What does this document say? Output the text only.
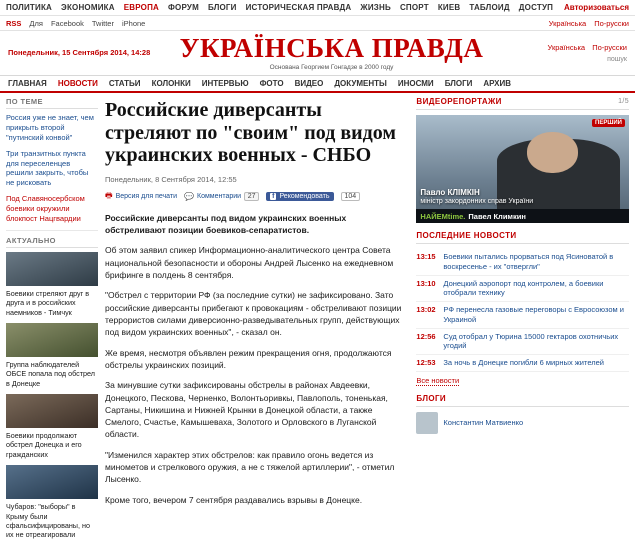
ПОЛИТИКА ЭКОНОМИКА ЕВРОПА ФОРУМ БЛОГИ ИСТОРИЧЕСКАЯ ПРАВДА ЖИЗНЬ СПОРТ КИЕВ ТАБЛОИД ДОСТУП Авторизоваться
RSS Для Facebook Twitter iPhone	Українська По-русски
Понедельник, 15 Сентября 2014, 14:28	УКРАЇНСЬКА ПРАВДА
Основана Георгием Гонгадзе в 2000 году
Українська По-русски
пошук
ГЛАВНАЯ НОВОСТИ СТАТЬИ КОЛОНКИ ИНТЕРВЬЮ ФОТО ВИДЕО ДОКУМЕНТЫ ИНОСМИ БЛОГИ АРХИВ
ПО ТЕМЕ
Россия уже не знает, чем прикрыть второй "путинский конвой"
Три транзитных пункта для переселенцев решили закрыть, чтобы не рисковать
Под Славяносербском боевики окружили блокпост Нацгвардии
АКТУАЛЬНО
Боевики стреляют друг в друга и в российских наемников - Тимчук
Группа наблюдателей ОБСЕ попала под обстрел в Донецке
Боевики продолжают обстрел Донецка и его гражданских
Чубаров: "выборы" в Крыму были сфальсифицированы, но их не отреагировали
Российские диверсанты стреляют по "своим" под видом украинских военных - СНБО
Понедельник, 8 Сентября 2014, 12:55
🖶 Версия для печати 💬 Комментарии 27	f Рекомендовать	104

Российские диверсанты под видом украинских военных обстреливают позиции боевиков-сепаратистов.

Об этом заявил спикер Информационно-аналитического центра Совета национальной безопасности и обороны Андрей Лысенко на ежедневном брифинге в полдень 8 сентября.

"Обстрел с территории РФ (за последние сутки) не зафиксировано. Зато российские диверсанты прибегают к провокациям - обстреливают позиции террористов силами диверсионно-разведывательных групп, действующих под видом украинских военных", - сказал он.

Же время, несмотря объявлен режим прекращения огня, продолжаются обстрелы украинских позиций.

За минувшие сутки зафиксированы обстрелы в районах Авдеевки, Донецкого, Пескова, Черненко, Волонтьоривкы, Павлополь, тоненькая, Сартаны, Никишина и Нижней Крынки в Донецкой области, а также Смелого, Счастье, Камышеваха, Золотого и Орловского в Луганской области.

"Изменился характер этих обстрелов: как правило огонь ведется из минометов и стрелкового оружия, а не с тяжелой артиллерии", - отметил Лысенко.

Кроме того, вечером 7 сентября раздавались взрывы в Донецке.

ВИДЕОРЕПОРТАЖИ	1/5
ПЕРШИЙ
Павло КЛІМКІН
міністр закордонних справ України
НАЙЕМtime. Павел Климкин
ПОСЛЕДНИЕ НОВОСТИ
13:15	Боевики пытались прорваться под Ясиноватой в воскресенье - их "отвергли"
13:10	Донецкий аэропорт под контролем, а боевики отобрали технику
13:02	РФ перенесла газовые переговоры с Евросоюзом и Украиной
12:56	Суд отобрал у Тюрина 15000 гектаров охотничьих угодий
12:53	За ночь в Донецке погибли 6 мирных жителей
Все новости
БЛОГИ
Константин Матвиенко
